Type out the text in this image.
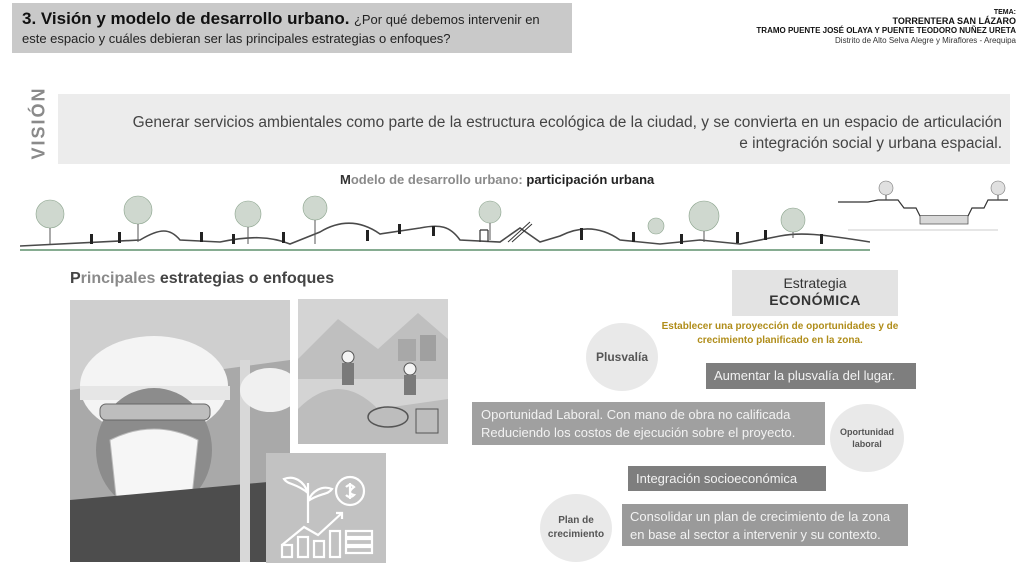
3. Visión y modelo de desarrollo urbano. ¿Por qué debemos intervenir en
este espacio y cuáles debieran ser las principales estrategias o enfoques?
TEMA:
TORRENTERA SAN LÁZARO
TRAMO PUENTE JOSÉ OLAYA Y PUENTE TEODORO NUÑEZ URETA
Distrito de Alto Selva Alegre y Miraflores - Arequipa
VISIÓN	Generar servicios ambientales como parte de la estructura ecológica de la ciudad, y se convierta en un espacio de articulación
e integración social y urbana espacial.
Modelo de desarrollo urbano: participación urbana
Principales estrategias o enfoques	Estrategia
ECONÓMICA
Establecer una proyección de oportunidades y de
crecimiento planificado en la zona.
Plusvalía
Oportunidad
laboral
Plan de
crecimiento
Aumentar la plusvalía del lugar.
Oportunidad Laboral. Con mano de obra no calificada
Reduciendo los costos de ejecución sobre el proyecto.
Integración socioeconómica
Consolidar un plan de crecimiento de la zona
en base al sector a intervenir y su contexto.
